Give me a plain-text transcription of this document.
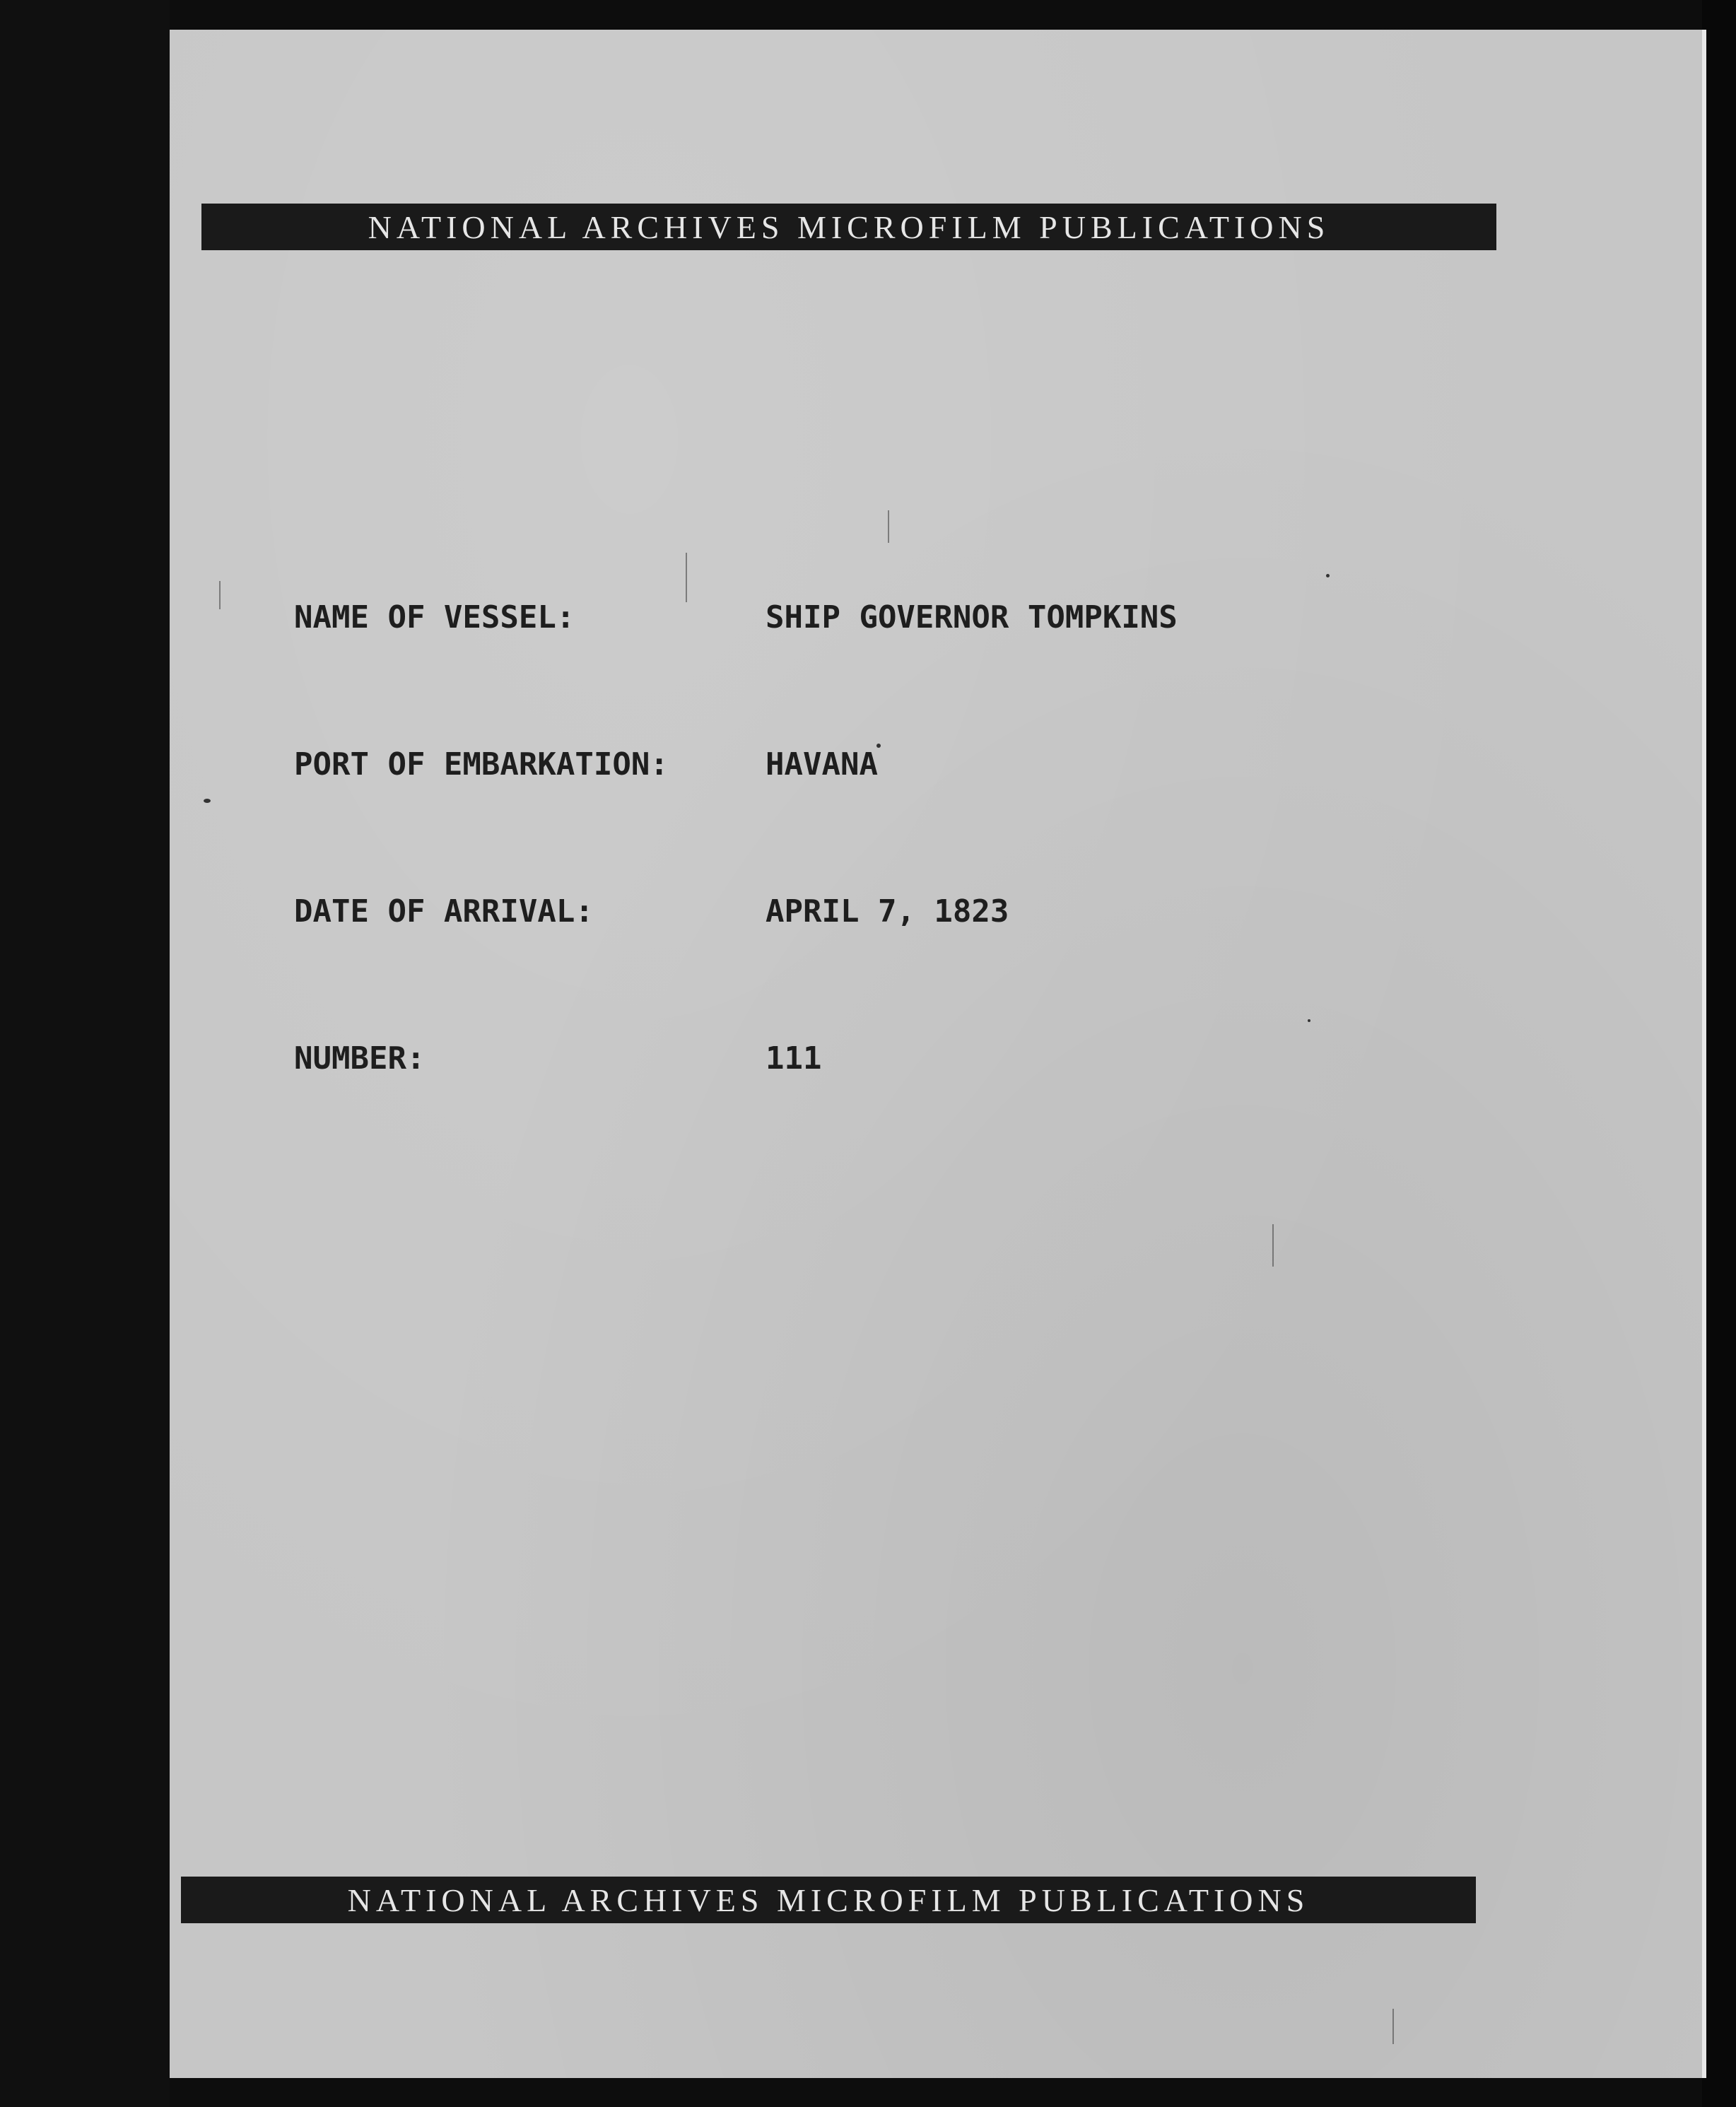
NATIONAL ARCHIVES MICROFILM PUBLICATIONS
NAME OF VESSEL:	SHIP GOVERNOR TOMPKINS
PORT OF EMBARKATION:	HAVANA
DATE OF ARRIVAL:	APRIL 7, 1823
NUMBER:	111
NATIONAL ARCHIVES MICROFILM PUBLICATIONS
